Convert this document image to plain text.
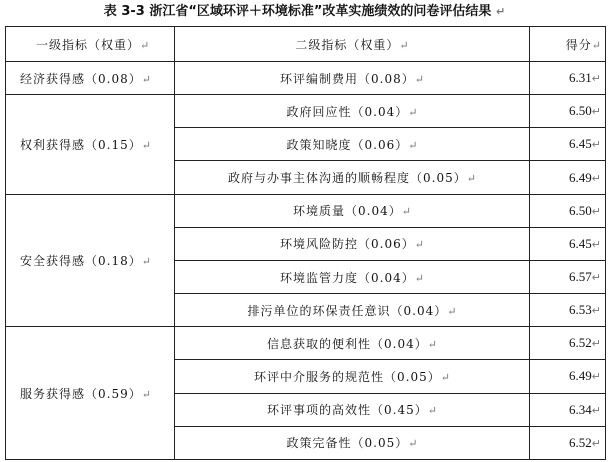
表 3-3 浙江省“区域环评＋环境标准”改革实施绩效的问卷评估结果 ↵
一级指标（权重）↵	二级指标（权重）↵	得分↵
经济获得感（0.08）↵	环评编制费用（0.08）↵	6.31↵
权利获得感（0.15）↵	政府回应性（0.04）↵	6.50↵
	政策知晓度（0.06）↵	6.45↵
	政府与办事主体沟通的顺畅程度（0.05）↵	6.49↵
安全获得感（0.18）↵	环境质量（0.04）↵	6.50↵
	环境风险防控（0.06）↵	6.45↵
	环境监管力度（0.04）↵	6.57↵
	排污单位的环保责任意识（0.04）↵	6.53↵
服务获得感（0.59）↵	信息获取的便利性（0.04）↵	6.52↵
	环评中介服务的规范性（0.05）↵	6.49↵
	环评事项的高效性（0.45）↵	6.34↵
	政策完备性（0.05）↵	6.52↵
